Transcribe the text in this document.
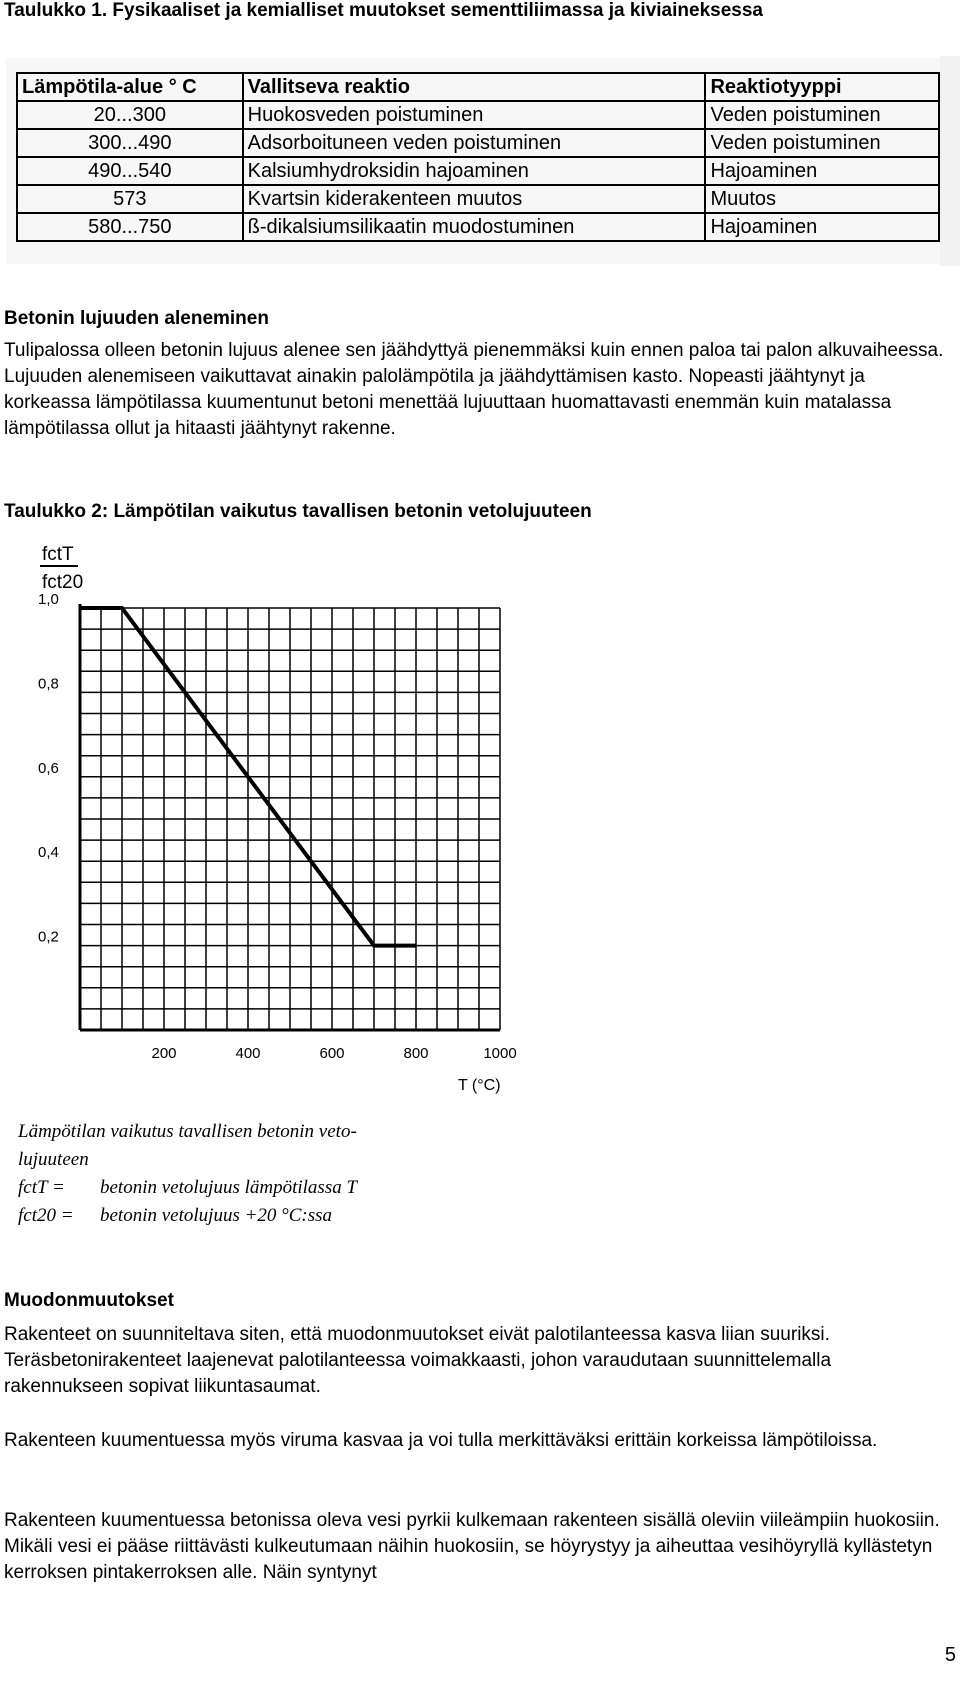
Taulukko 1. Fysikaaliset ja kemialliset muutokset sementtiliimassa ja kiviaineksessa
Lämpötila-alue ° C	Vallitseva reaktio	Reaktiotyyppi
20...300	Huokosveden poistuminen	Veden poistuminen
300...490	Adsorboituneen veden poistuminen	Veden poistuminen
490...540	Kalsiumhydroksidin hajoaminen	Hajoaminen
573	Kvartsin kiderakenteen muutos	Muutos
580...750	ß-dikalsiumsilikaatin muodostuminen	Hajoaminen
Betonin lujuuden aleneminen

Tulipalossa olleen betonin lujuus alenee sen jäähdyttyä pienemmäksi kuin ennen paloa tai palon alkuvaiheessa. Lujuuden alenemiseen vaikuttavat ainakin palolämpötila ja jäähdyttämisen kasto. Nopeasti jäähtynyt ja korkeassa lämpötilassa kuumentunut betoni menettää lujuuttaan huomattavasti enemmän kuin matalassa lämpötilassa ollut ja hitaasti jäähtynyt rakenne.

Taulukko 2: Lämpötilan vaikutus tavallisen betonin vetolujuuteen
fctT
fct20
1,0
0,8
0,6
0,4
0,2
200	400	600	800	1000
T (°C)
Lämpötilan vaikutus tavallisen betonin veto-
lujuuteen
fctT =	betonin vetolujuus lämpötilassa T
fct20 =	betonin vetolujuus +20 °C:ssa
Muodonmuutokset

Rakenteet on suunniteltava siten, että muodonmuutokset eivät palotilanteessa kasva liian suuriksi. Teräsbetonirakenteet laajenevat palotilanteessa voimakkaasti, johon varaudutaan suunnittelemalla rakennukseen sopivat liikuntasaumat.

Rakenteen kuumentuessa myös viruma kasvaa ja voi tulla merkittäväksi erittäin korkeissa lämpötiloissa.

Rakenteen kuumentuessa betonissa oleva vesi pyrkii kulkemaan rakenteen sisällä oleviin viileämpiin huokosiin. Mikäli vesi ei pääse riittävästi kulkeutumaan näihin huokosiin, se höyrystyy ja aiheuttaa vesihöyryllä kyllästetyn kerroksen pintakerroksen alle. Näin syntynyt

5
